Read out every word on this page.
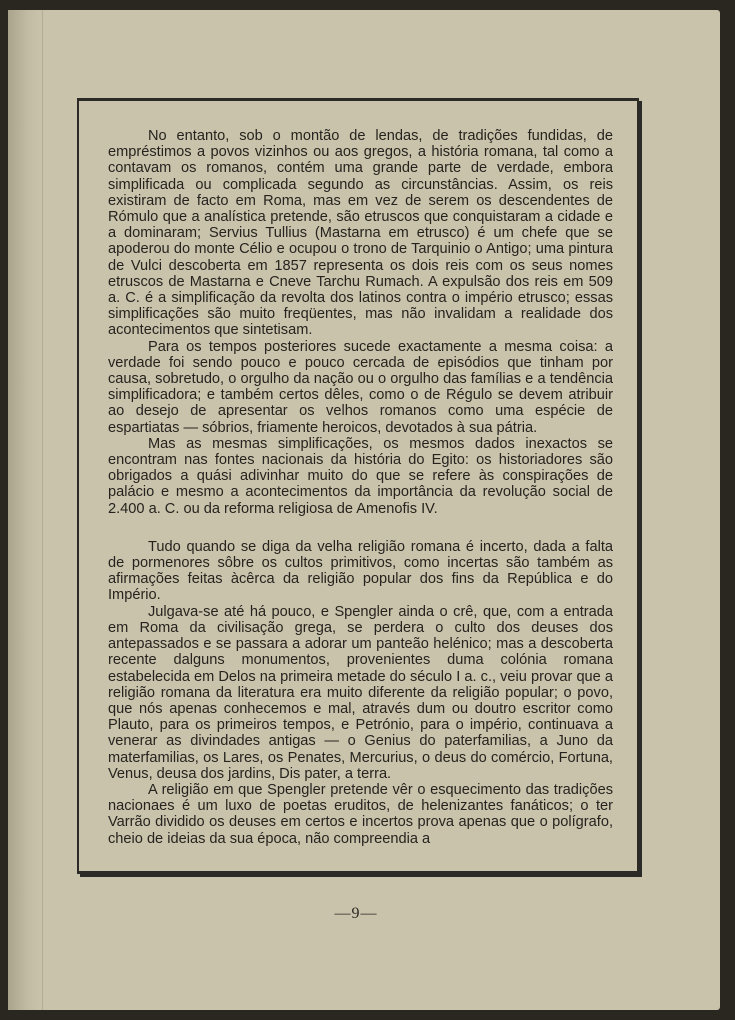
No entanto, sob o montão de lendas, de tradições fundidas, de empréstimos a povos vizinhos ou aos gregos, a história romana, tal como a contavam os romanos, contém uma grande parte de verdade, embora simplificada ou complicada segundo as circunstâncias. Assim, os reis existiram de facto em Roma, mas em vez de serem os descendentes de Rómulo que a analística pretende, são etruscos que conquistaram a cidade e a dominaram; Servius Tullius (Mastarna em etrusco) é um chefe que se apoderou do monte Célio e ocupou o trono de Tarquinio o Antigo; uma pintura de Vulci descoberta em 1857 representa os dois reis com os seus nomes etruscos de Mastarna e Cneve Tarchu Rumach. A expulsão dos reis em 509 a. C. é a simplificação da revolta dos latinos contra o império etrusco; essas simplificações são muito freqüentes, mas não invalidam a realidade dos acontecimentos que sintetisam.

Para os tempos posteriores sucede exactamente a mesma coisa: a verdade foi sendo pouco e pouco cercada de episódios que tinham por causa, sobretudo, o orgulho da nação ou o orgulho das famílias e a tendência simplificadora; e também certos dêles, como o de Régulo se devem atribuir ao desejo de apresentar os velhos romanos como uma espécie de espartiatas — sóbrios, friamente heroicos, devotados à sua pátria.

Mas as mesmas simplificações, os mesmos dados inexactos se encontram nas fontes nacionais da história do Egito: os historiadores são obrigados a quási adivinhar muito do que se refere às conspirações de palácio e mesmo a acontecimentos da importância da revolução social de 2.400 a. C. ou da reforma religiosa de Amenofis IV.

Tudo quando se diga da velha religião romana é incerto, dada a falta de pormenores sôbre os cultos primitivos, como incertas são também as afirmações feitas àcêrca da religião popular dos fins da República e do Império.

Julgava-se até há pouco, e Spengler ainda o crê, que, com a entrada em Roma da civilisação grega, se perdera o culto dos deuses dos antepassados e se passara a adorar um panteão helénico; mas a descoberta recente dalguns monumentos, provenientes duma colónia romana estabelecida em Delos na primeira metade do século I a. c., veiu provar que a religião romana da literatura era muito diferente da religião popular; o povo, que nós apenas conhecemos e mal, através dum ou doutro escritor como Plauto, para os primeiros tempos, e Petrónio, para o império, continuava a venerar as divindades antigas — o Genius do paterfamilias, a Juno da materfamilias, os Lares, os Penates, Mercurius, o deus do comércio, Fortuna, Venus, deusa dos jardins, Dis pater, a terra.

A religião em que Spengler pretende vêr o esquecimento das tradições nacionaes é um luxo de poetas eruditos, de helenizantes fanáticos; o ter Varrão dividido os deuses em certos e incertos prova apenas que o polígrafo, cheio de ideias da sua época, não compreendia a

—9—
